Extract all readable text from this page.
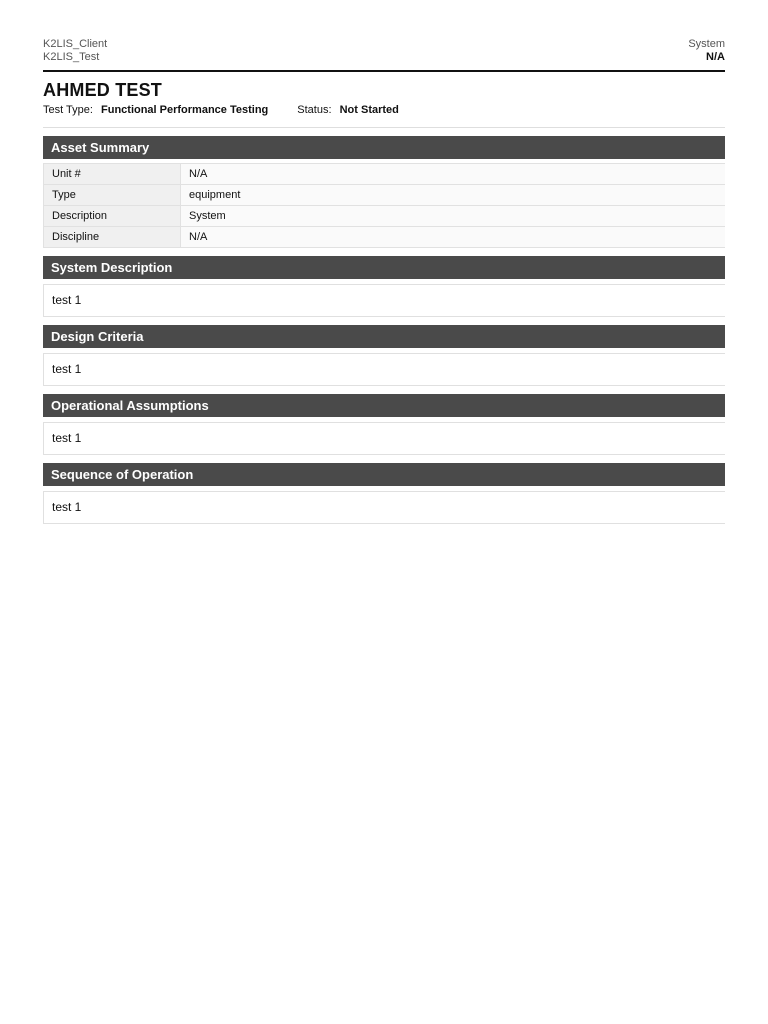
K2LIS_Client
K2LIS_Test
System
N/A
AHMED TEST
Test Type: Functional Performance Testing	Status: Not Started
Asset Summary
Unit #	N/A
Type	equipment
Description	System
Discipline	N/A
System Description
test 1
Design Criteria
test 1
Operational Assumptions
test 1
Sequence of Operation
test 1
